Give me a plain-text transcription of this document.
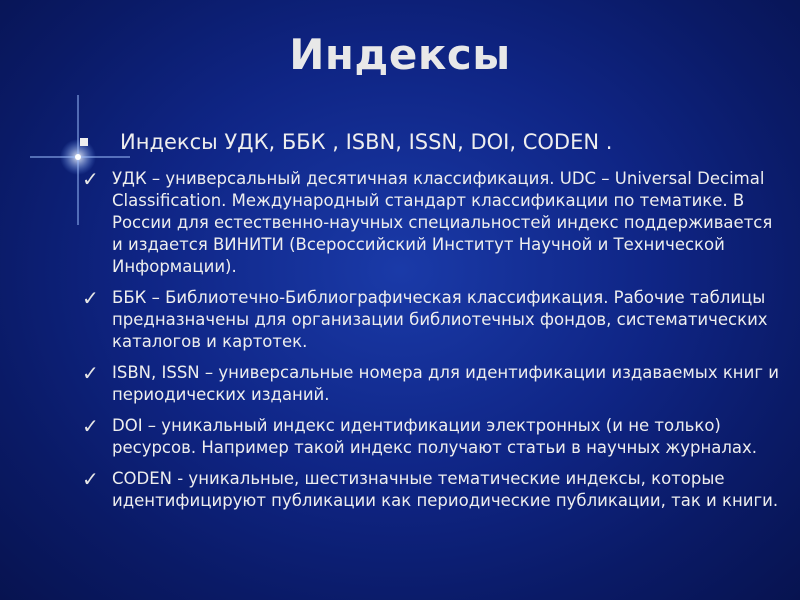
Индексы
Индексы УДК, ББК , ISBN, ISSN, DOI, CODEN .
✓ УДК – универсальный десятичная классификация. UDC – Universal Decimal Classification. Международный стандарт классификации по тематике. В России для естественно-научных специальностей индекс поддерживается и издается ВИНИТИ (Всероссийский Институт Научной и Технической Информации).
✓ ББК – Библиотечно-Библиографическая классификация. Рабочие таблицы предназначены для организации библиотечных фондов, систематических каталогов и картотек.
✓ ISBN, ISSN – универсальные номера для идентификации издаваемых книг и периодических изданий.
✓ DOI – уникальный индекс идентификации электронных (и не только) ресурсов. Например такой индекс получают статьи в научных журналах.
✓ CODEN - уникальные, шестизначные тематические индексы, которые идентифицируют публикации как периодические публикации, так и книги.
